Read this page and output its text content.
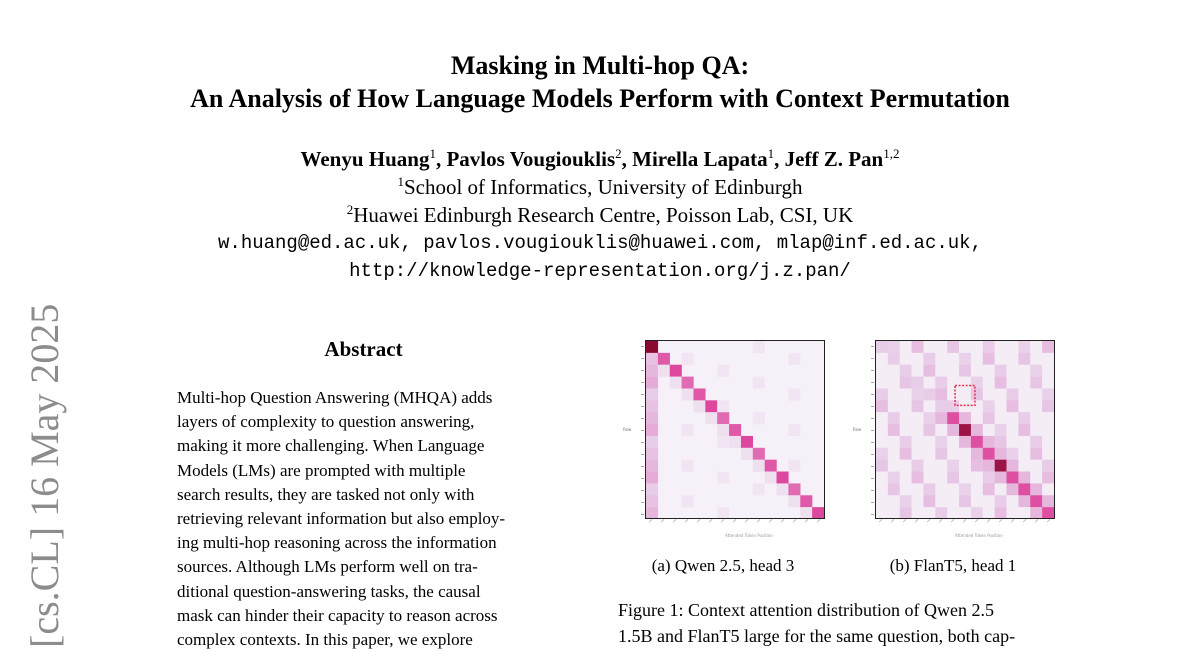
Masking in Multi-hop QA:
An Analysis of How Language Models Perform with Context Permutation
Wenyu Huang$^1$, Pavlos Vougiouklis$^2$, Mirella Lapata$^1$, Jeff Z. Pan$^{1,2}$
$^1$School of Informatics, University of Edinburgh
$^2$Huawei Edinburgh Research Centre, Poisson Lab, CSI, UK
w.huang@ed.ac.uk, pavlos.vougiouklis@huawei.com, mlap@inf.ed.ac.uk,
http://knowledge-representation.org/j.z.pan/
[cs.CL] 16 May 2025	Abstract
Multi-hop Question Answering (MHQA) adds
layers of complexity to question answering,
making it more challenging. When Language
Models (LMs) are prompted with multiple
search results, they are tasked not only with
retrieving relevant information but also employ-
ing multi-hop reasoning across the information
sources. Although LMs perform well on tra-
ditional question-answering tasks, the causal
mask can hinder their capacity to reason across
complex contexts. In this paper, we explore
Row
Attended Token Position
Row
Attended Token Position
(a) Qwen 2.5, head 3	(b) FlanT5, head 1
Figure 1: Context attention distribution of Qwen 2.5
1.5B and FlanT5 large for the same question, both cap-
